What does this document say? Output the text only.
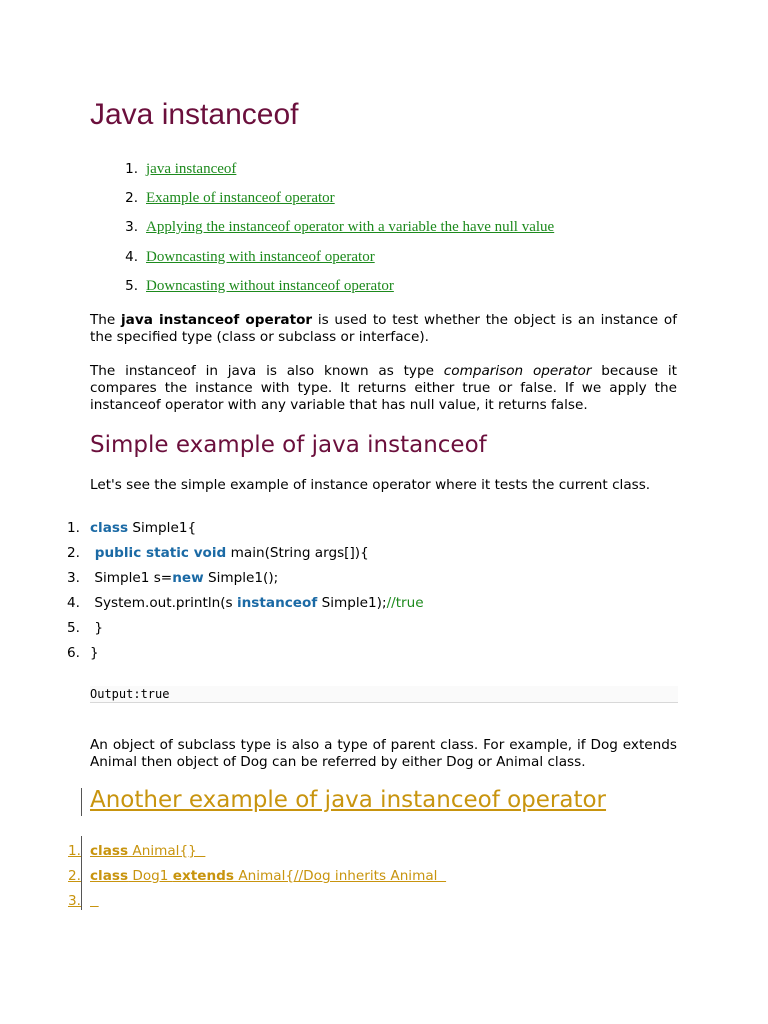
Java instanceof
1. java instanceof
2. Example of instanceof operator
3. Applying the instanceof operator with a variable the have null value
4. Downcasting with instanceof operator
5. Downcasting without instanceof operator

The java instanceof operator is used to test whether the object is an instance of the specified type (class or subclass or interface).

The instanceof in java is also known as type comparison operator because it compares the instance with type. It returns either true or false. If we apply the instanceof operator with any variable that has null value, it returns false.

Simple example of java instanceof

Let's see the simple example of instance operator where it tests the current class.

1. class Simple1{
2. public static void main(String args[]){
3. Simple1 s=new Simple1();
4. System.out.println(s instanceof Simple1);//true
5. }
6. }
Output:true

An object of subclass type is also a type of parent class. For example, if Dog extends Animal then object of Dog can be referred by either Dog or Animal class.

Another example of java instanceof operator
1. class Animal{}
2. class Dog1 extends Animal{//Dog inherits Animal
3.
